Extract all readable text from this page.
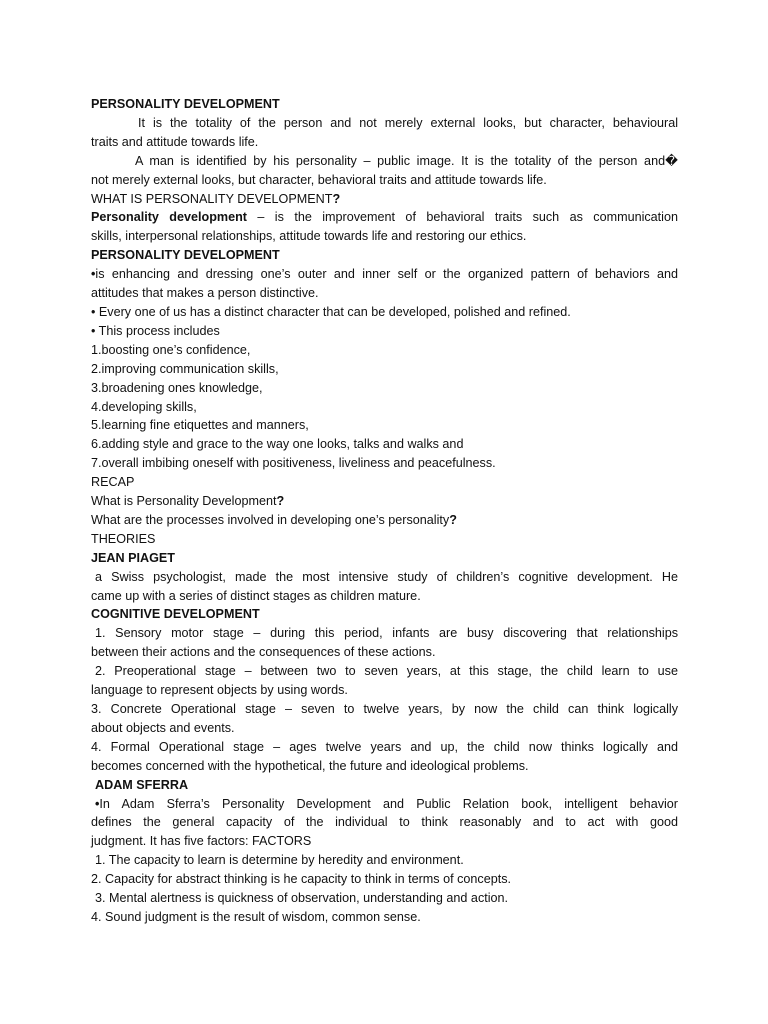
PERSONALITY DEVELOPMENT
It is the totality of the person and not merely external looks, but character, behavioural
traits and attitude towards life.
A man is identified by his personality – public image. It is the totality of the person and�
not merely external looks, but character, behavioral traits and attitude towards life.
WHAT IS PERSONALITY DEVELOPMENT?
Personality development – is the improvement of behavioral traits such as communication
skills, interpersonal relationships, attitude towards life and restoring our ethics.
PERSONALITY DEVELOPMENT
•is enhancing and dressing one’s outer and inner self or the organized pattern of behaviors and
attitudes that makes a person distinctive.
• Every one of us has a distinct character that can be developed, polished and refined.
• This process includes
1.boosting one’s confidence,
2.improving communication skills,
3.broadening ones knowledge,
4.developing skills,
5.learning fine etiquettes and manners,
6.adding style and grace to the way one looks, talks and walks and
7.overall imbibing oneself with positiveness, liveliness and peacefulness.
RECAP
What is Personality Development?
What are the processes involved in developing one’s personality?
THEORIES
JEAN PIAGET
a Swiss psychologist, made the most intensive study of children’s cognitive development. He
came up with a series of distinct stages as children mature.
COGNITIVE DEVELOPMENT
1. Sensory motor stage – during this period, infants are busy discovering that relationships
between their actions and the consequences of these actions.
2. Preoperational stage – between two to seven years, at this stage, the child learn to use
language to represent objects by using words.
3. Concrete Operational stage – seven to twelve years, by now the child can think logically
about objects and events.
4. Formal Operational stage – ages twelve years and up, the child now thinks logically and
becomes concerned with the hypothetical, the future and ideological problems.
ADAM SFERRA
•In Adam Sferra’s Personality Development and Public Relation book, intelligent behavior
defines the general capacity of the individual to think reasonably and to act with good
judgment. It has five factors: FACTORS
1. The capacity to learn is determine by heredity and environment.
2. Capacity for abstract thinking is he capacity to think in terms of concepts.
3. Mental alertness is quickness of observation, understanding and action.
4. Sound judgment is the result of wisdom, common sense.
